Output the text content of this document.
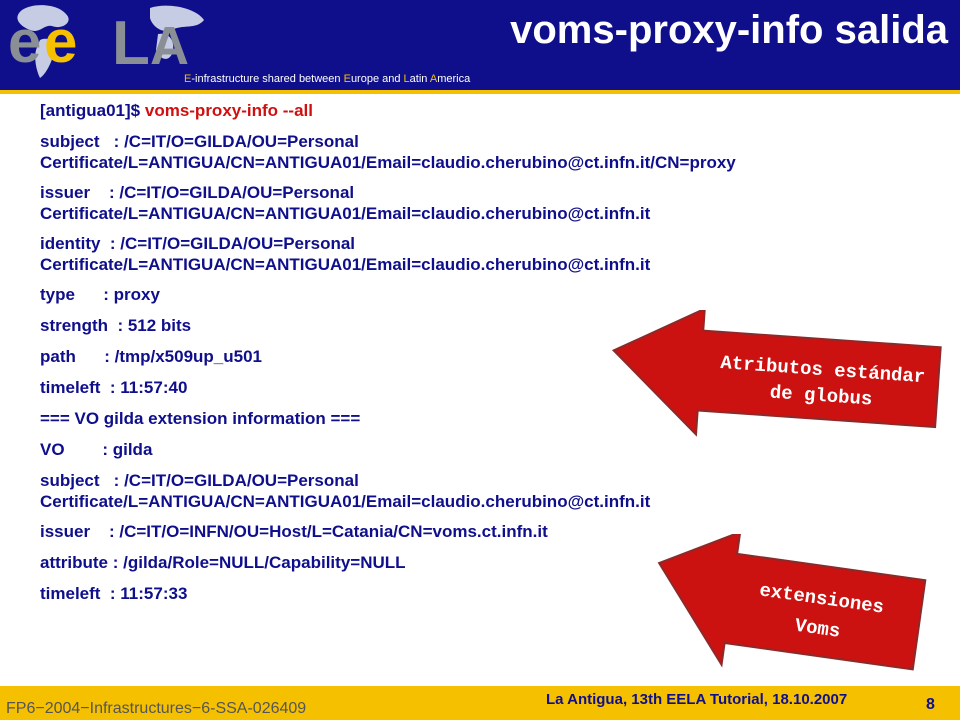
e e L A
E-infrastructure shared between Europe and Latin America
voms-proxy-info salida
[antigua01]$ voms-proxy-info --all
subject   : /C=IT/O=GILDA/OU=Personal
Certificate/L=ANTIGUA/CN=ANTIGUA01/Email=claudio.cherubino@ct.infn.it/CN=proxy
issuer    : /C=IT/O=GILDA/OU=Personal
Certificate/L=ANTIGUA/CN=ANTIGUA01/Email=claudio.cherubino@ct.infn.it
identity  : /C=IT/O=GILDA/OU=Personal
Certificate/L=ANTIGUA/CN=ANTIGUA01/Email=claudio.cherubino@ct.infn.it
type      : proxy
strength  : 512 bits
path      : /tmp/x509up_u501
timeleft  : 11:57:40
=== VO gilda extension information ===
VO        : gilda
subject   : /C=IT/O=GILDA/OU=Personal
Certificate/L=ANTIGUA/CN=ANTIGUA01/Email=claudio.cherubino@ct.infn.it
issuer    : /C=IT/O=INFN/OU=Host/L=Catania/CN=voms.ct.infn.it
attribute : /gilda/Role=NULL/Capability=NULL
timeleft  : 11:57:33
Atributos estándar
de globus
extensiones
Voms
FP6−2004−Infrastructures−6-SSA-026409
La Antigua, 13th EELA Tutorial, 18.10.2007	8
